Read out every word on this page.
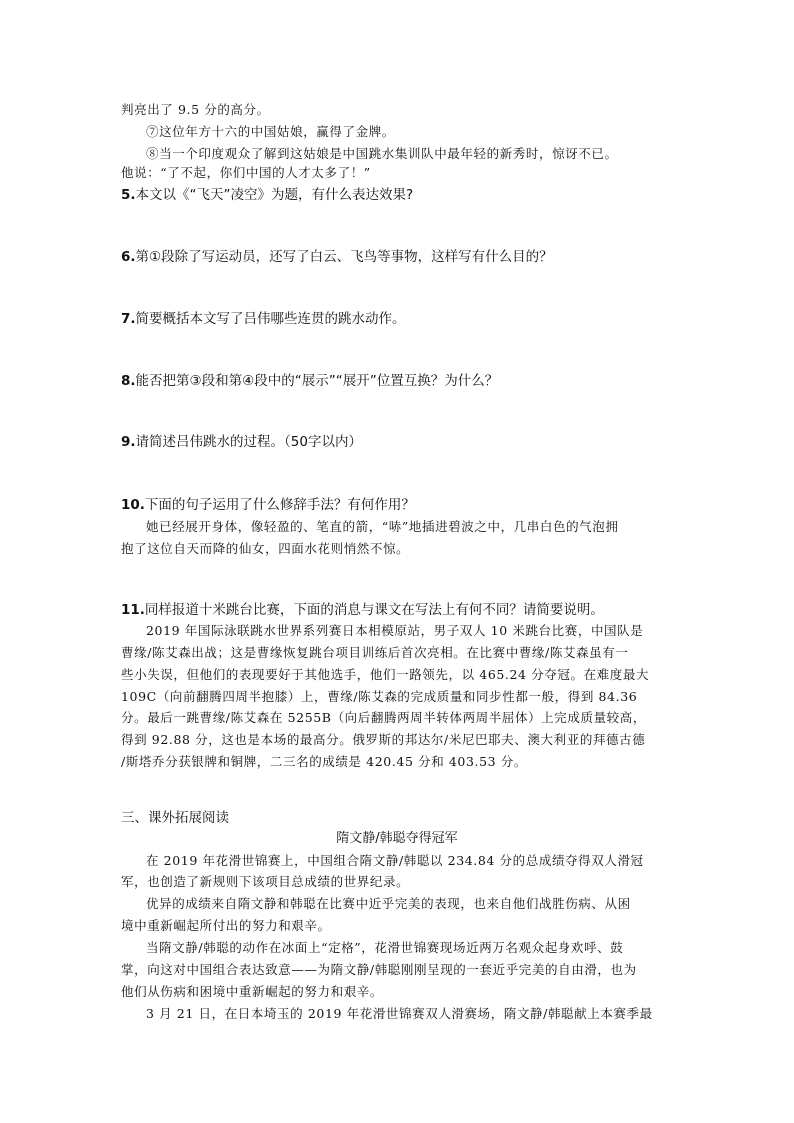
判亮出了 9.5 分的高分。
⑦这位年方十六的中国姑娘，赢得了金牌。
⑧当一个印度观众了解到这姑娘是中国跳水集训队中最年轻的新秀时，惊讶不已。
他说：“了不起，你们中国的人才太多了！”
5.本文以《“飞天”凌空》为题，有什么表达效果?
6.第①段除了写运动员，还写了白云、飞鸟等事物，这样写有什么目的？
7.简要概括本文写了吕伟哪些连贯的跳水动作。
8.能否把第③段和第④段中的“展示”“展开”位置互换？为什么？
9.请简述吕伟跳水的过程。（50字以内）
10.下面的句子运用了什么修辞手法？有何作用？
她已经展开身体，像轻盈的、笔直的箭，“哧”地插进碧波之中，几串白色的气泡拥
抱了这位自天而降的仙女，四面水花则悄然不惊。
11.同样报道十米跳台比赛，下面的消息与课文在写法上有何不同？请简要说明。
2019 年国际泳联跳水世界系列赛日本相模原站，男子双人 10 米跳台比赛，中国队是
曹缘/陈艾森出战；这是曹缘恢复跳台项目训练后首次亮相。在比赛中曹缘/陈艾森虽有一
些小失误，但他们的表现要好于其他选手，他们一路领先，以 465.24 分夺冠。在难度最大
109C（向前翻腾四周半抱膝）上，曹缘/陈艾森的完成质量和同步性都一般，得到 84.36
分。最后一跳曹缘/陈艾森在 5255B（向后翻腾两周半转体两周半屈体）上完成质量较高，
得到 92.88 分，这也是本场的最高分。俄罗斯的邦达尔/米尼巴耶夫、澳大利亚的拜德古德
/斯塔乔分获银牌和铜牌，二三名的成绩是 420.45 分和 403.53 分。
三、课外拓展阅读
隋文静/韩聪夺得冠军
在 2019 年花滑世锦赛上，中国组合隋文静/韩聪以 234.84 分的总成绩夺得双人滑冠
军，也创造了新规则下该项目总成绩的世界纪录。
优异的成绩来自隋文静和韩聪在比赛中近乎完美的表现，也来自他们战胜伤病、从困
境中重新崛起所付出的努力和艰辛。
当隋文静/韩聪的动作在冰面上“定格”，花滑世锦赛现场近两万名观众起身欢呼、鼓
掌，向这对中国组合表达致意——为隋文静/韩聪刚刚呈现的一套近乎完美的自由滑，也为
他们从伤病和困境中重新崛起的努力和艰辛。
3 月 21 日，在日本埼玉的 2019 年花滑世锦赛双人滑赛场，隋文静/韩聪献上本赛季最
